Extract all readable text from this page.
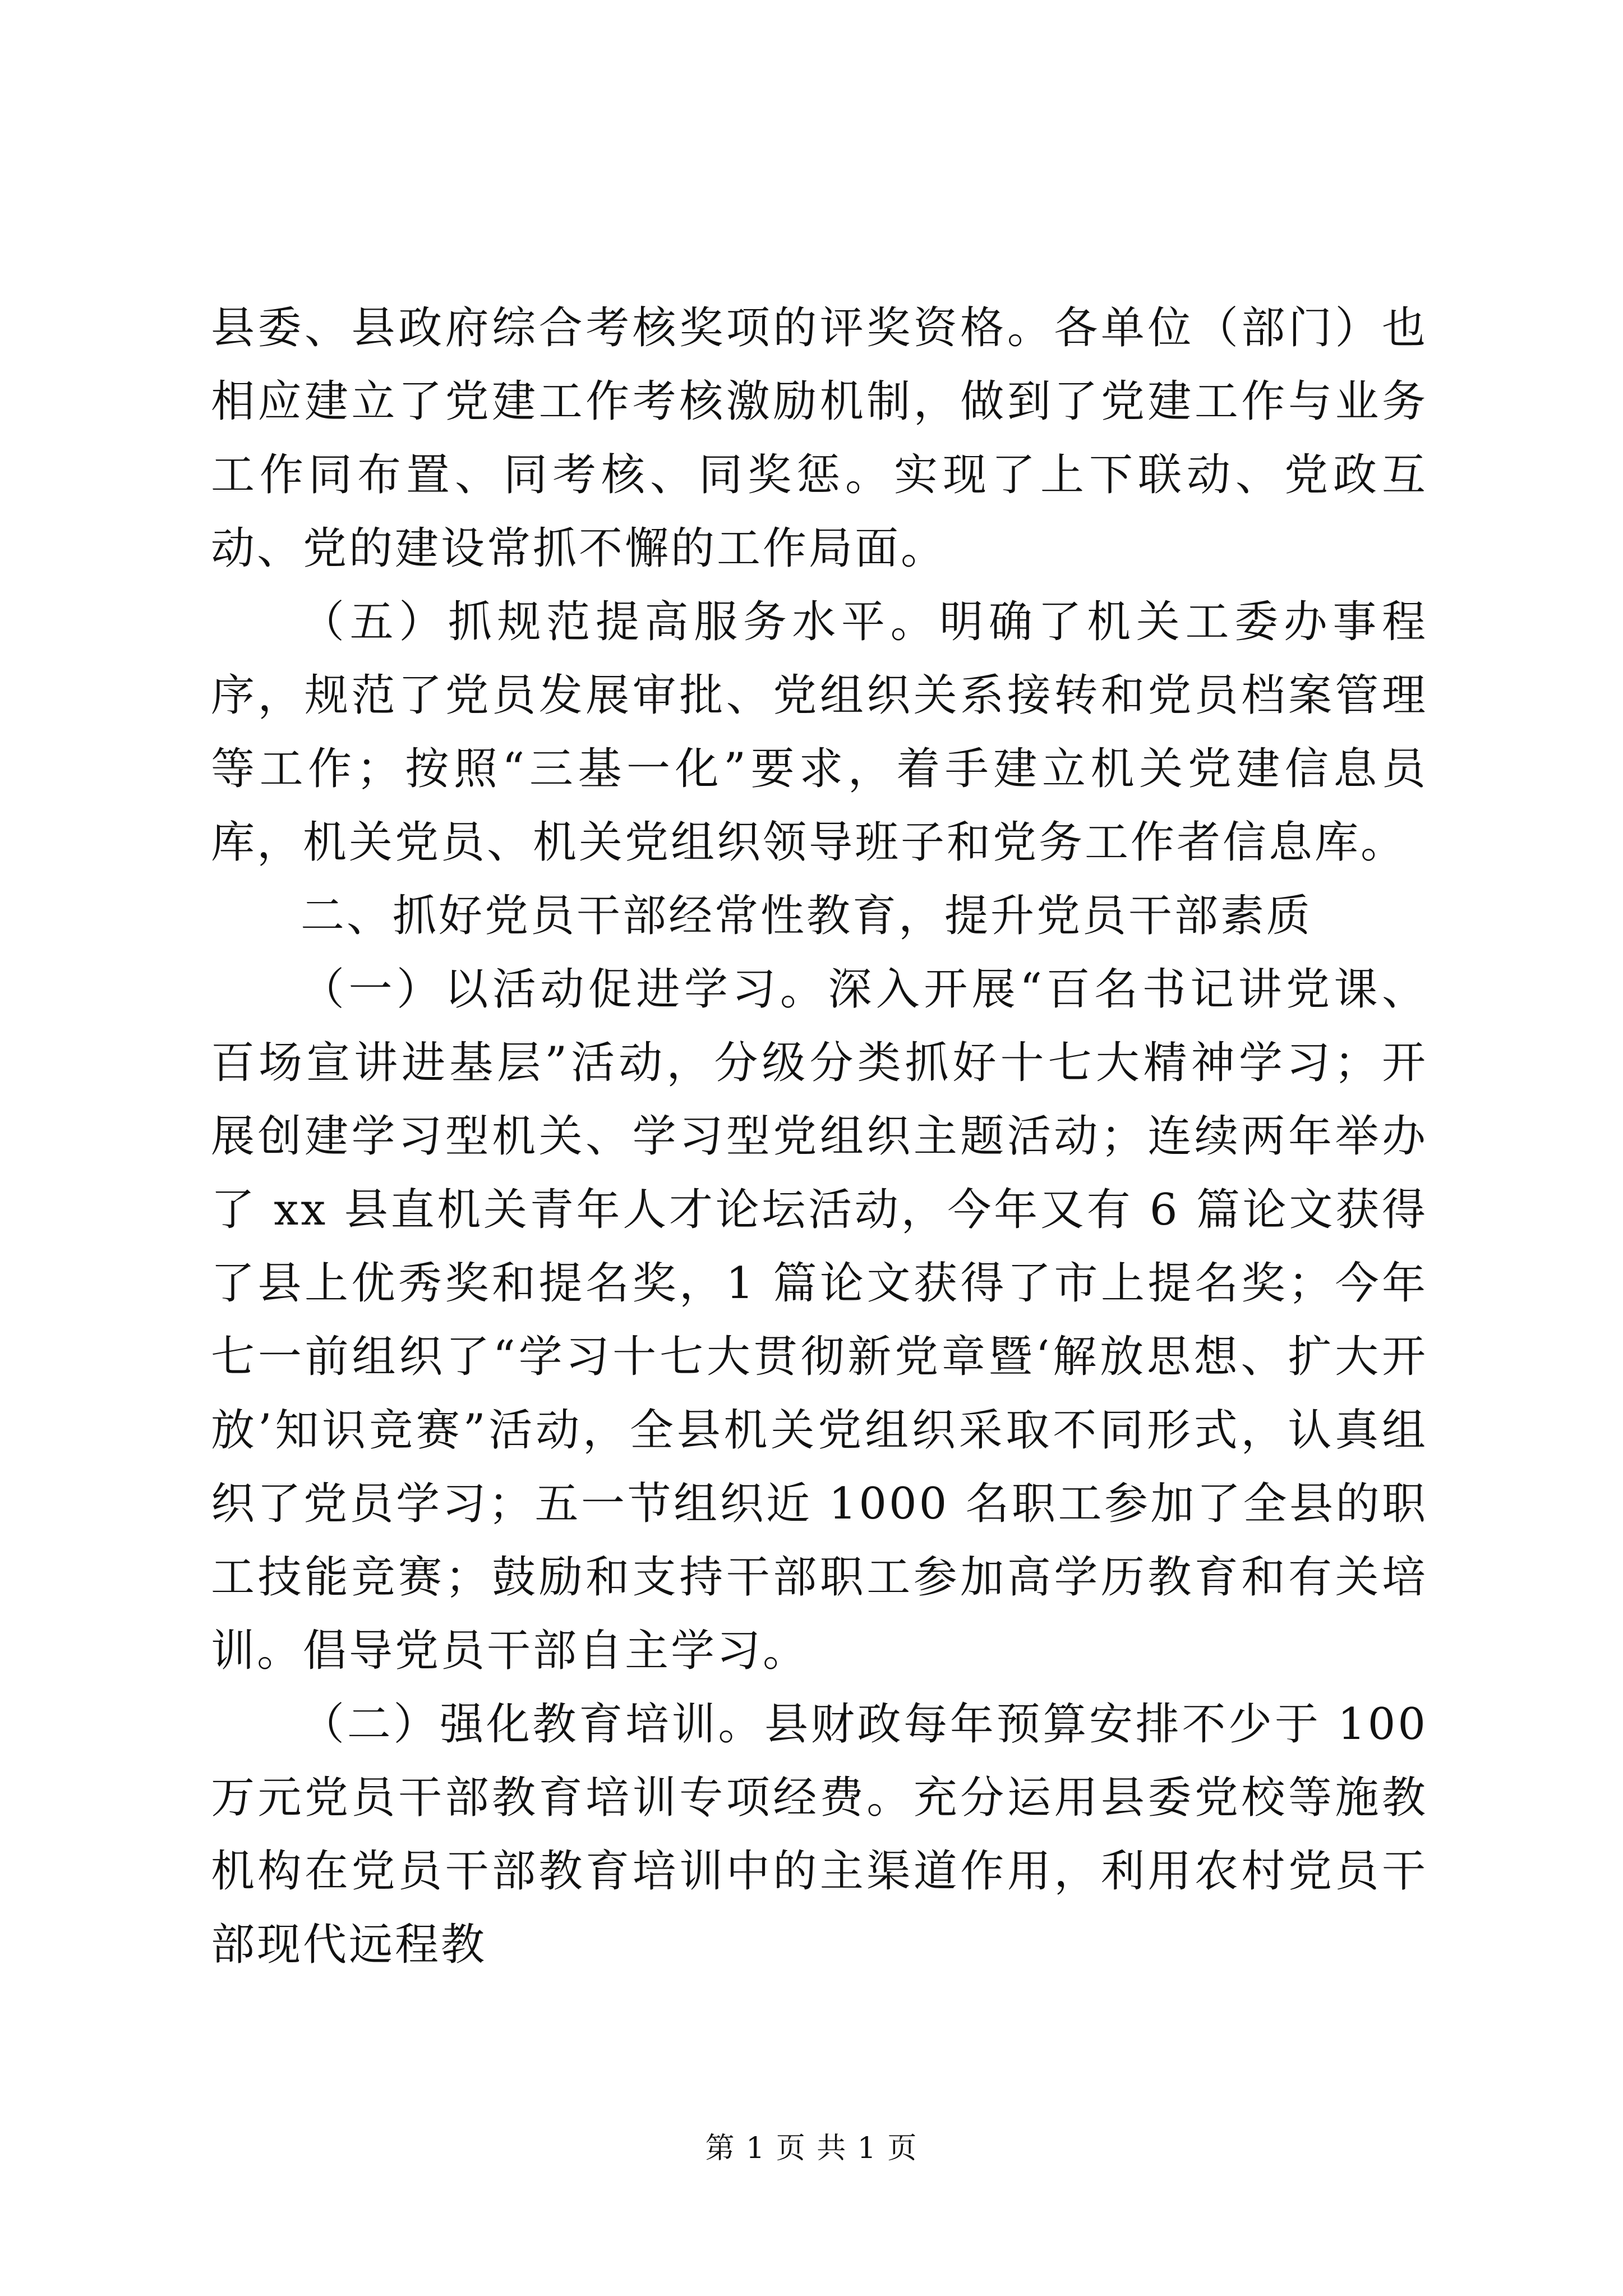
县委、县政府综合考核奖项的评奖资格。各单位（部门）也相应建立了党建工作考核激励机制，做到了党建工作与业务工作同布置、同考核、同奖惩。实现了上下联动、党政互动、党的建设常抓不懈的工作局面。

（五）抓规范提高服务水平。明确了机关工委办事程序，规范了党员发展审批、党组织关系接转和党员档案管理等工作；按照“三基一化”要求，着手建立机关党建信息员库，机关党员、机关党组织领导班子和党务工作者信息库。

二、抓好党员干部经常性教育，提升党员干部素质

（一）以活动促进学习。深入开展“百名书记讲党课、百场宣讲进基层”活动，分级分类抓好十七大精神学习；开展创建学习型机关、学习型党组织主题活动；连续两年举办了 xx 县直机关青年人才论坛活动，今年又有 6 篇论文获得了县上优秀奖和提名奖，1 篇论文获得了市上提名奖；今年七一前组织了“学习十七大贯彻新党章暨‘解放思想、扩大开放’知识竞赛”活动，全县机关党组织采取不同形式，认真组织了党员学习；五一节组织近 1000 名职工参加了全县的职工技能竞赛；鼓励和支持干部职工参加高学历教育和有关培训。倡导党员干部自主学习。

（二）强化教育培训。县财政每年预算安排不少于 100 万元党员干部教育培训专项经费。充分运用县委党校等施教机构在党员干部教育培训中的主渠道作用，利用农村党员干部现代远程教

第 1 页 共 1 页
